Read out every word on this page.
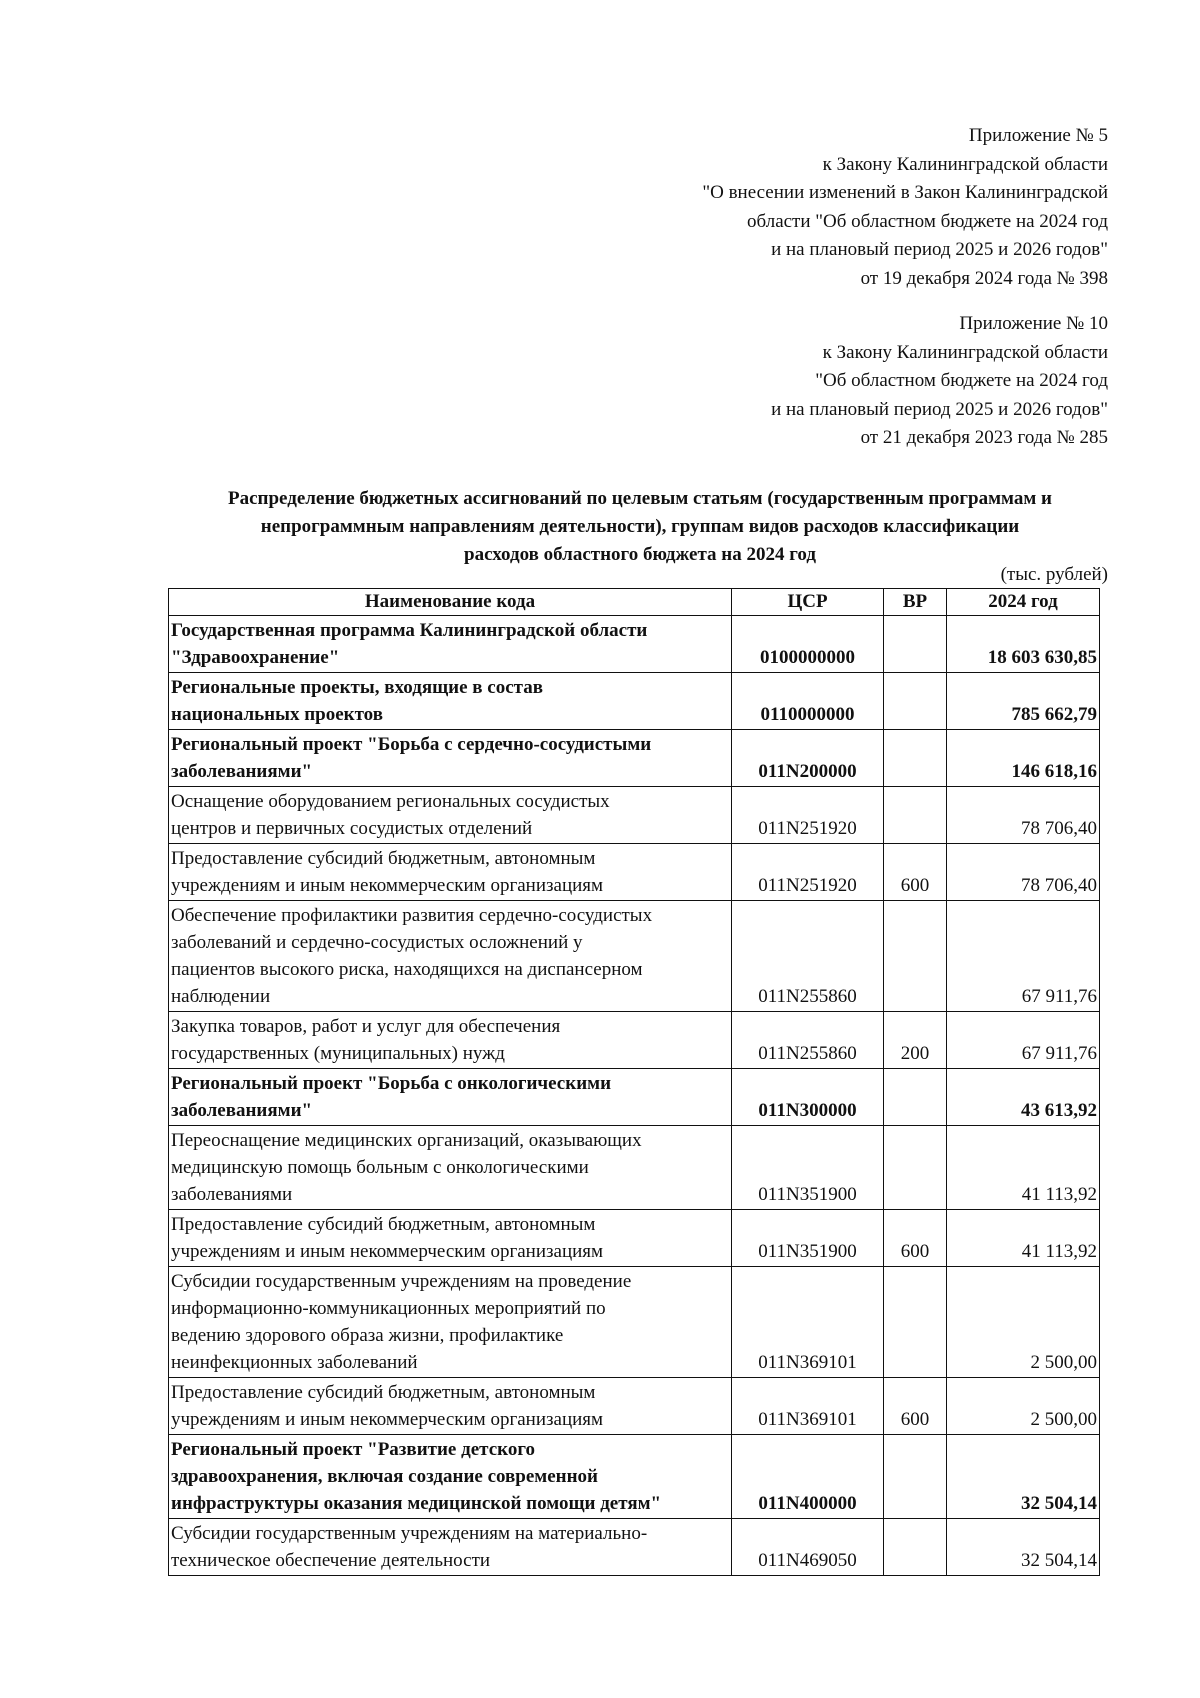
Приложение № 5
к Закону Калининградской области
"О внесении изменений в Закон Калининградской
области "Об областном бюджете на 2024 год
и на плановый период 2025 и 2026 годов"
от 19 декабря 2024 года № 398
Приложение № 10
к Закону Калининградской области
"Об областном бюджете на 2024 год
и на плановый период 2025 и 2026 годов"
от 21 декабря 2023 года № 285
Распределение бюджетных ассигнований по целевым статьям (государственным программам и
непрограммным направлениям деятельности), группам видов расходов классификации
расходов областного бюджета на 2024 год
(тыс. рублей)
Наименование кода	ЦСР	ВР	2024 год

Государственная программа Калининградской области
"Здравоохранение"	0100000000		18 603 630,85

Региональные проекты, входящие в состав
национальных проектов	0110000000		785 662,79

Региональный проект "Борьба с сердечно-сосудистыми
заболеваниями"	011N200000		146 618,16

Оснащение оборудованием региональных сосудистых
центров и первичных сосудистых отделений	011N251920		78 706,40

Предоставление субсидий бюджетным, автономным
учреждениям и иным некоммерческим организациям	011N251920	600	78 706,40

Обеспечение профилактики развития сердечно-сосудистых
заболеваний и сердечно-сосудистых осложнений у
пациентов высокого риска, находящихся на диспансерном
наблюдении	011N255860		67 911,76

Закупка товаров, работ и услуг для обеспечения
государственных (муниципальных) нужд	011N255860	200	67 911,76

Региональный проект "Борьба с онкологическими
заболеваниями"	011N300000		43 613,92

Переоснащение медицинских организаций, оказывающих
медицинскую помощь больным с онкологическими
заболеваниями	011N351900		41 113,92

Предоставление субсидий бюджетным, автономным
учреждениям и иным некоммерческим организациям	011N351900	600	41 113,92

Субсидии государственным учреждениям на проведение
информационно-коммуникационных мероприятий по
ведению здорового образа жизни, профилактике
неинфекционных заболеваний	011N369101		2 500,00

Предоставление субсидий бюджетным, автономным
учреждениям и иным некоммерческим организациям	011N369101	600	2 500,00

Региональный проект "Развитие детского
здравоохранения, включая создание современной
инфраструктуры оказания медицинской помощи детям"	011N400000		32 504,14

Субсидии государственным учреждениям на материально-
техническое обеспечение деятельности	011N469050		32 504,14
